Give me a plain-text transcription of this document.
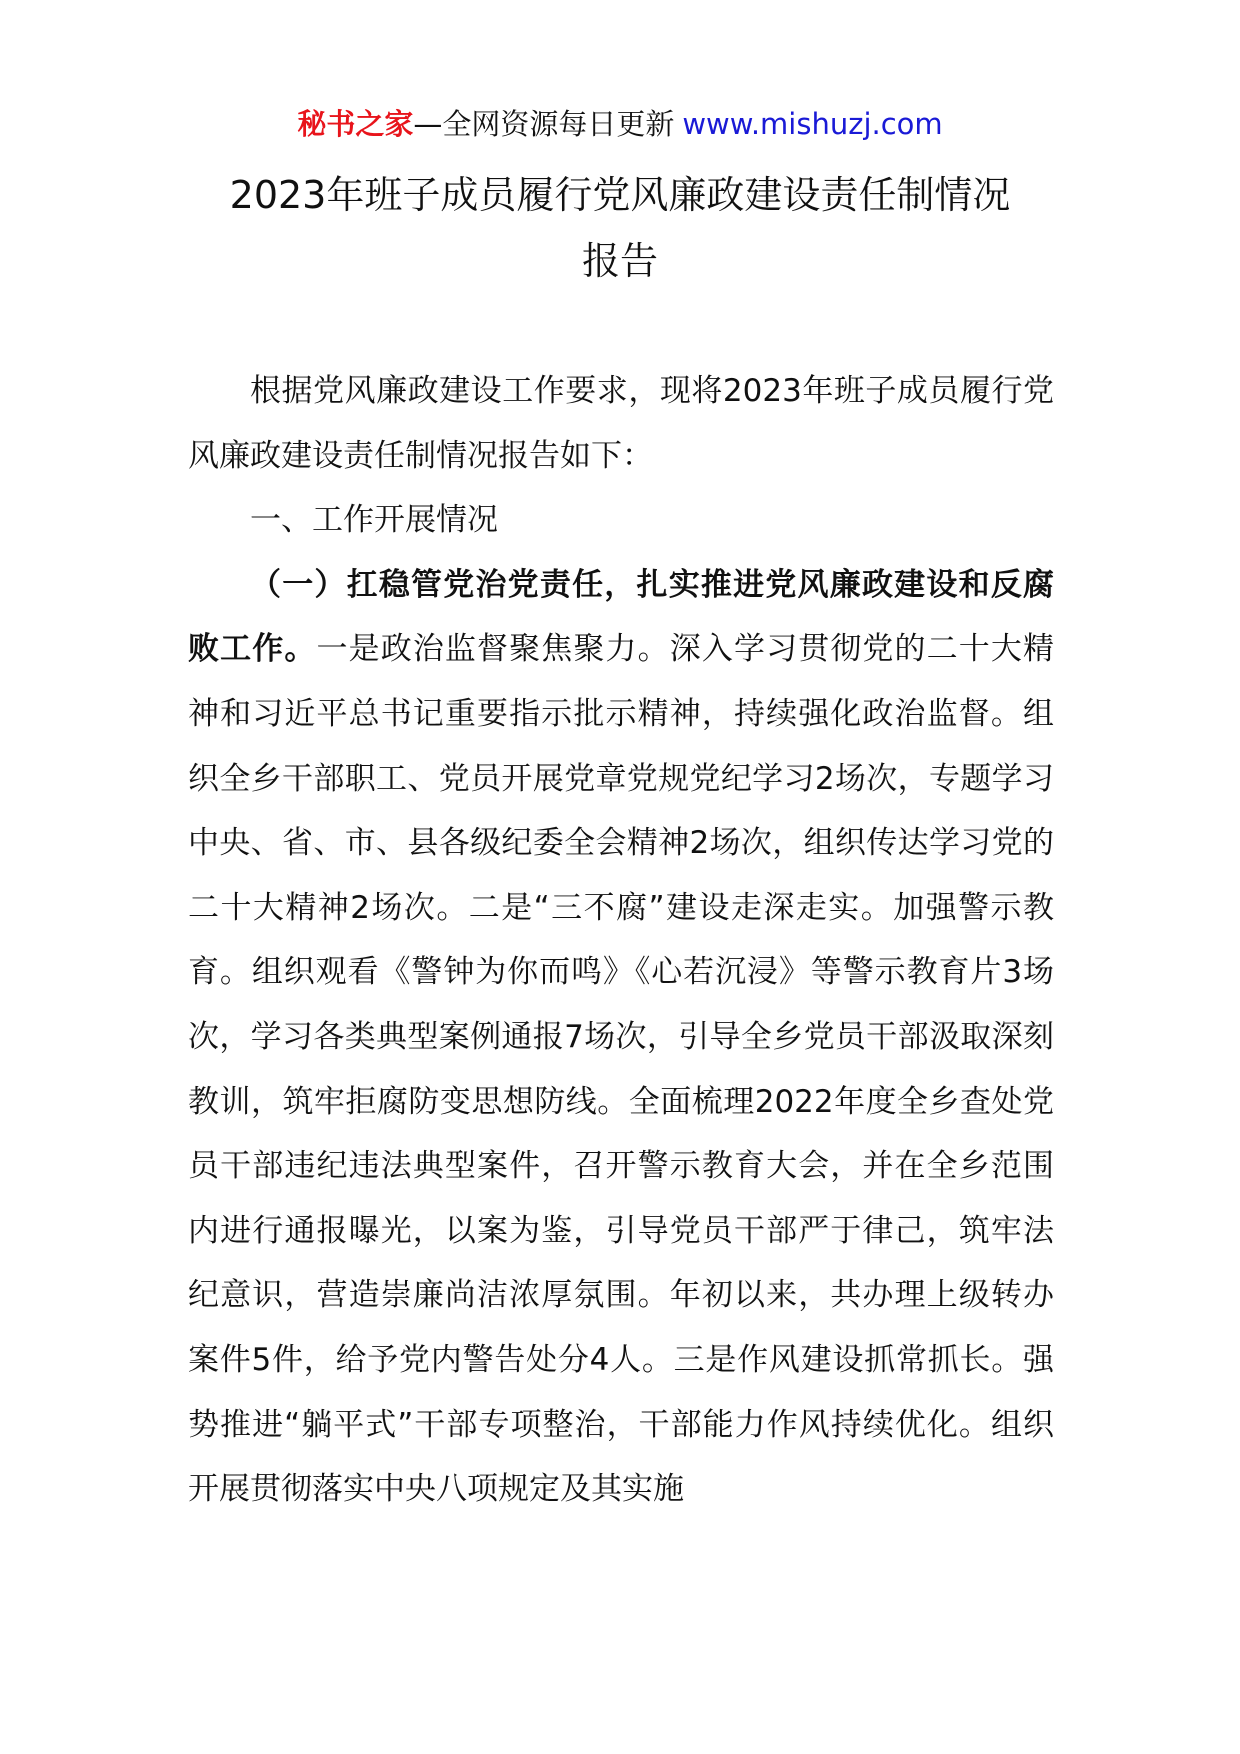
秘书之家—全网资源每日更新 www.mishuzj.com
2023年班子成员履行党风廉政建设责任制情况
报告

根据党风廉政建设工作要求，现将2023年班子成员履行党风廉政建设责任制情况报告如下：

一、工作开展情况

（一）扛稳管党治党责任，扎实推进党风廉政建设和反腐败工作。一是政治监督聚焦聚力。深入学习贯彻党的二十大精神和习近平总书记重要指示批示精神，持续强化政治监督。组织全乡干部职工、党员开展党章党规党纪学习2场次，专题学习中央、省、市、县各级纪委全会精神2场次，组织传达学习党的二十大精神2场次。二是“三不腐”建设走深走实。加强警示教育。组织观看《警钟为你而鸣》《心若沉浸》等警示教育片3场次，学习各类典型案例通报7场次，引导全乡党员干部汲取深刻教训，筑牢拒腐防变思想防线。全面梳理2022年度全乡查处党员干部违纪违法典型案件，召开警示教育大会，并在全乡范围内进行通报曝光，以案为鉴，引导党员干部严于律己，筑牢法纪意识，营造崇廉尚洁浓厚氛围。年初以来，共办理上级转办案件5件，给予党内警告处分4人。三是作风建设抓常抓长。强势推进“躺平式”干部专项整治，干部能力作风持续优化。组织开展贯彻落实中央八项规定及其实施
